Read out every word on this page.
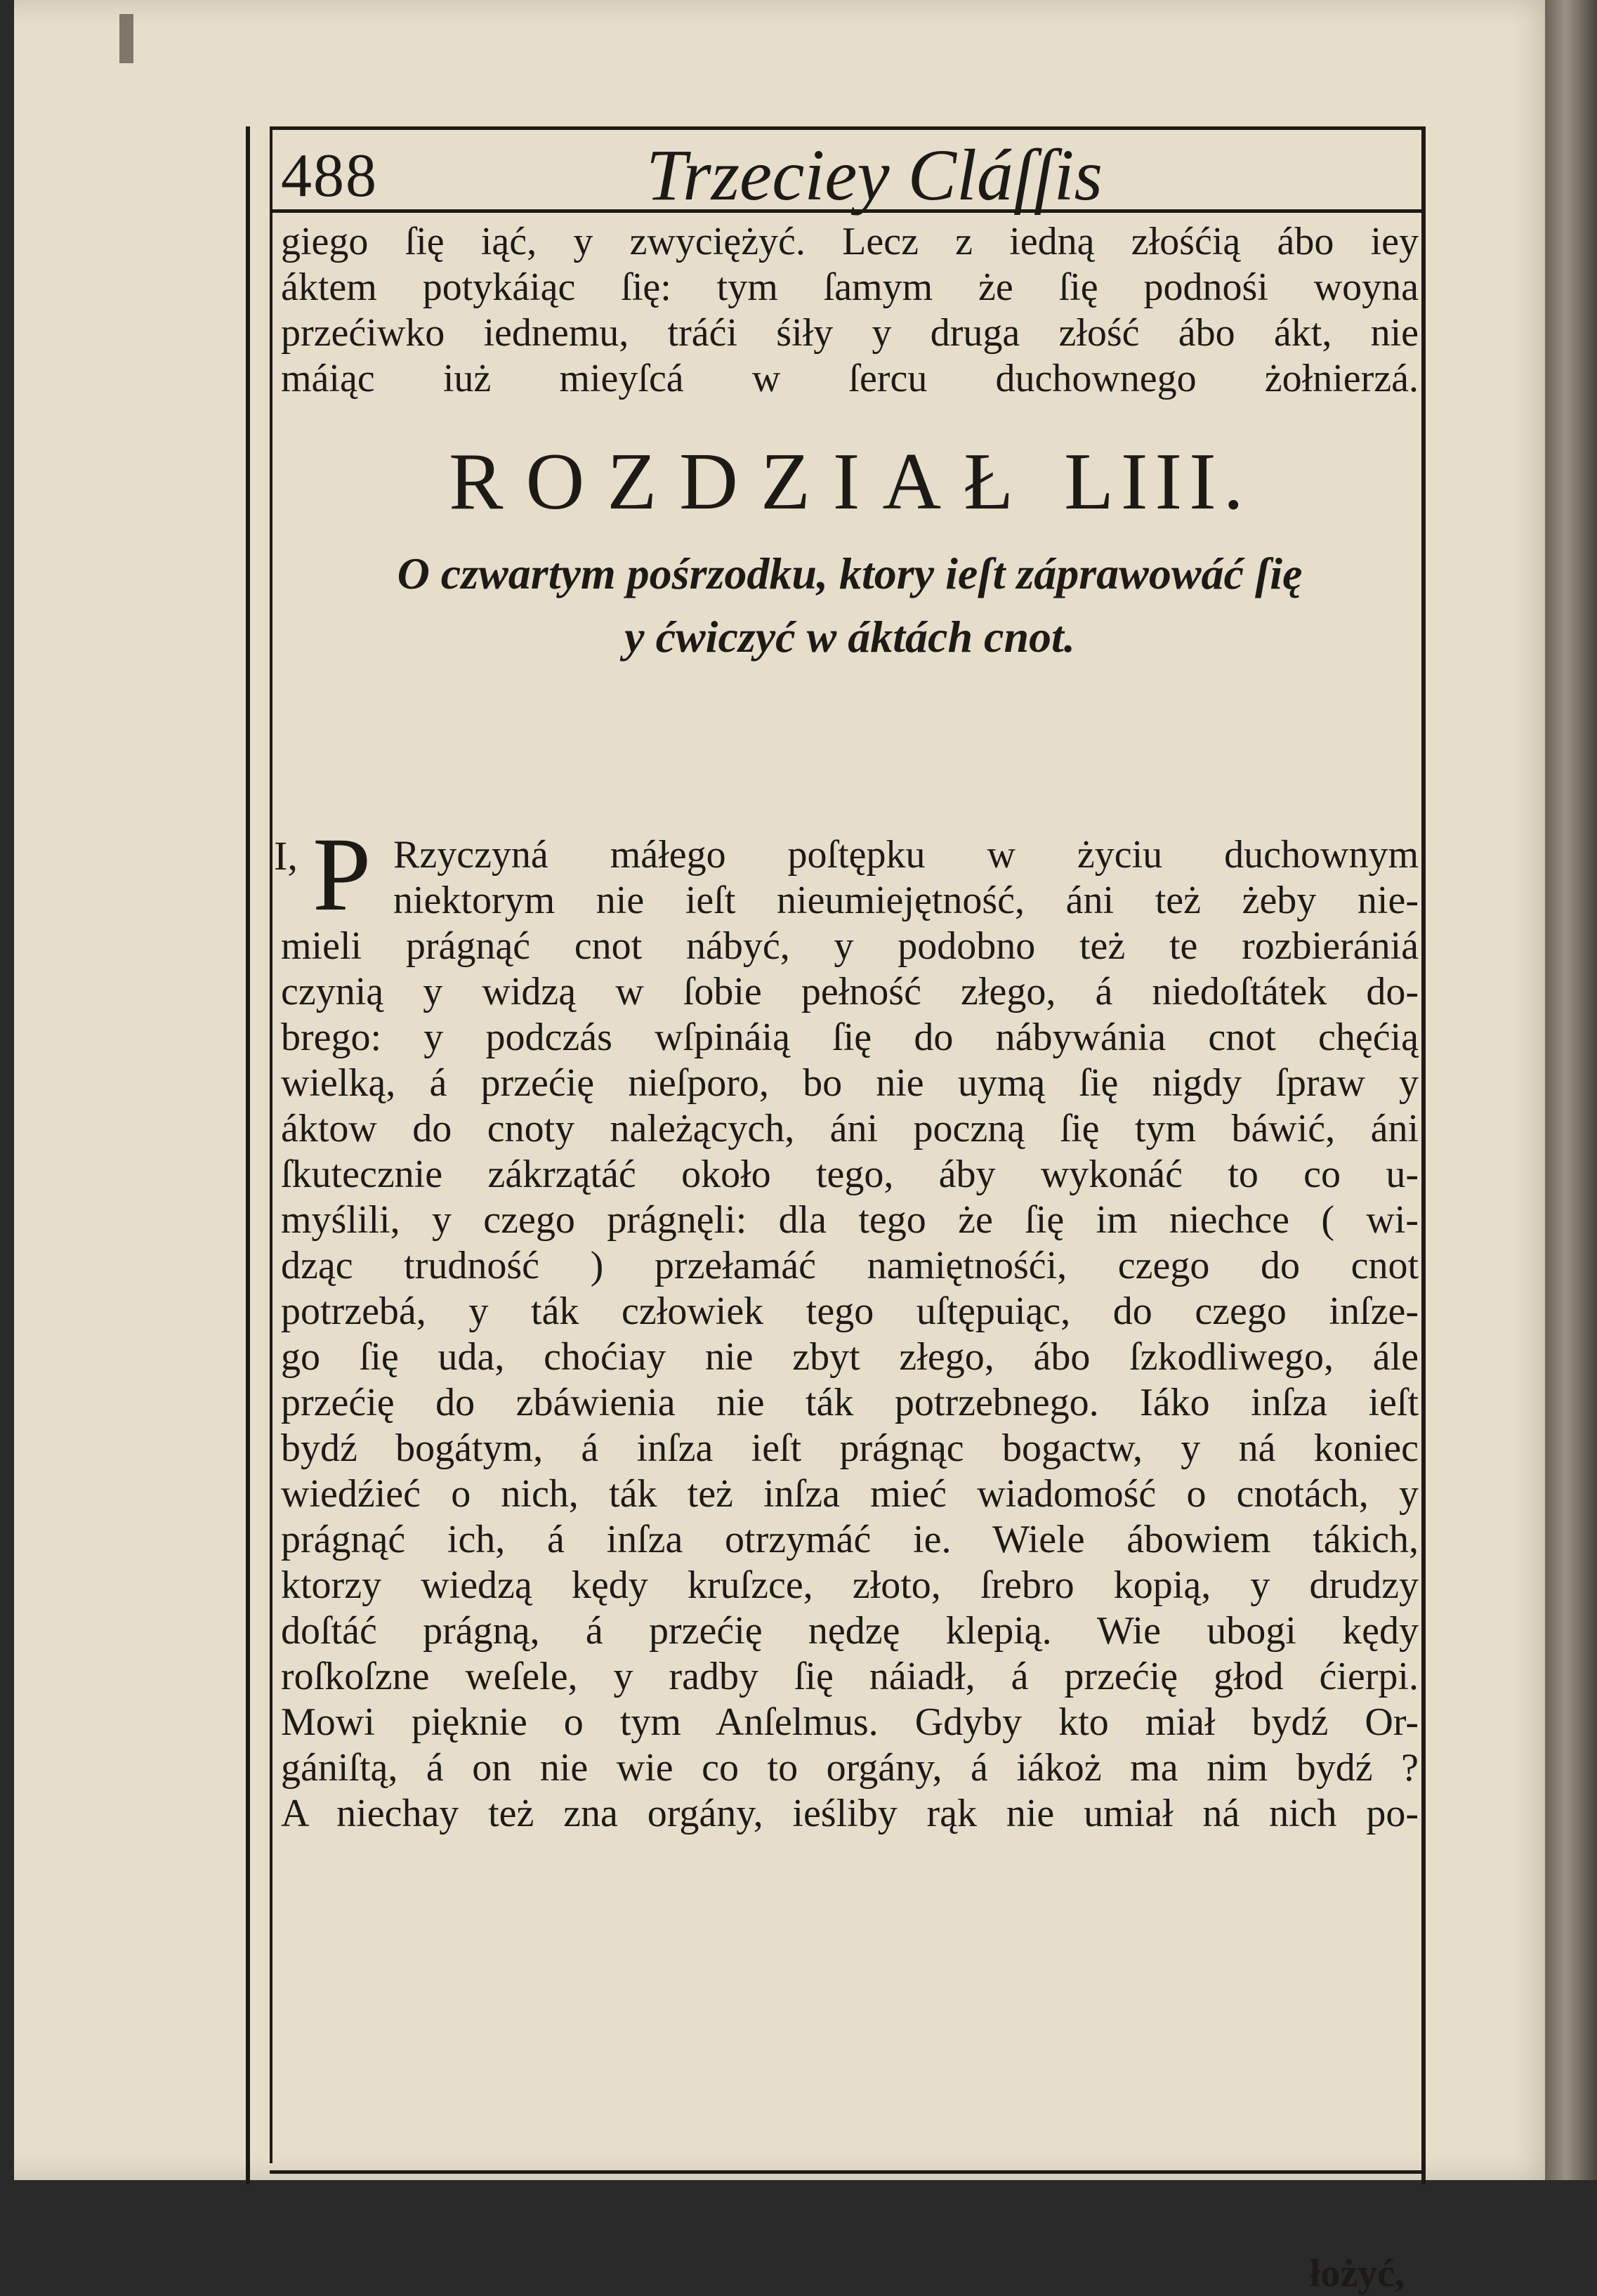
488	Trzeciey Cláſſis
giego ſię iąć, y zwyciężyć. Lecz z iedną złośćią ábo iey
áktem potykáiąc ſię: tym ſamym że ſię podnośi woyna
przećiwko iednemu, tráći śiły y druga złość ábo ákt, nie
máiąc iuż mieyſcá w ſercu duchownego żołnierzá.
ROZDZIAŁ LIII.
O czwartym pośrzodku, ktory ieſt záprawowáć ſię
y ćwiczyć w áktách cnot.
I, P Rzyczyná máłego poſtępku w życiu duchownym
niektorym nie ieſt nieumiejętność, áni też żeby nie-
mieli prágnąć cnot nábyć, y podobno też te rozbierániá
czynią y widzą w ſobie pełność złego, á niedoſtátek do-
brego: y podczás wſpináią ſię do nábywánia cnot chęćią
wielką, á przećię nieſporo, bo nie uymą ſię nigdy ſpraw y
áktow do cnoty należących, áni poczną ſię tym báwić, áni
ſkutecznie zákrzątáć około tego, áby wykonáć to co u-
myślili, y czego prágnęli: dla tego że ſię im niechce ( wi-
dząc trudność ) przełamáć namiętnośći, czego do cnot
potrzebá, y ták człowiek tego uſtępuiąc, do czego inſze-
go ſię uda, choćiay nie zbyt złego, ábo ſzkodliwego, ále
przećię do zbáwienia nie ták potrzebnego. Iáko inſza ieſt
bydź bogátym, á inſza ieſt prágnąc bogactw, y ná koniec
wiedźieć o nich, ták też inſza mieć wiadomość o cnotách, y
prágnąć ich, á inſza otrzymáć ie. Wiele ábowiem tákich,
ktorzy wiedzą kędy kruſzce, złoto, ſrebro kopią, y drudzy
doſtáć prágną, á przećię nędzę klepią. Wie ubogi kędy
roſkoſzne weſele, y radby ſię náiadł, á przećię głod ćierpi.
Mowi pięknie o tym Anſelmus. Gdyby kto miał bydź Or-
gániſtą, á on nie wie co to orgány, á iákoż ma nim bydź ?
A niechay też zna orgány, ieśliby rąk nie umiał ná nich po-
łożyć,
